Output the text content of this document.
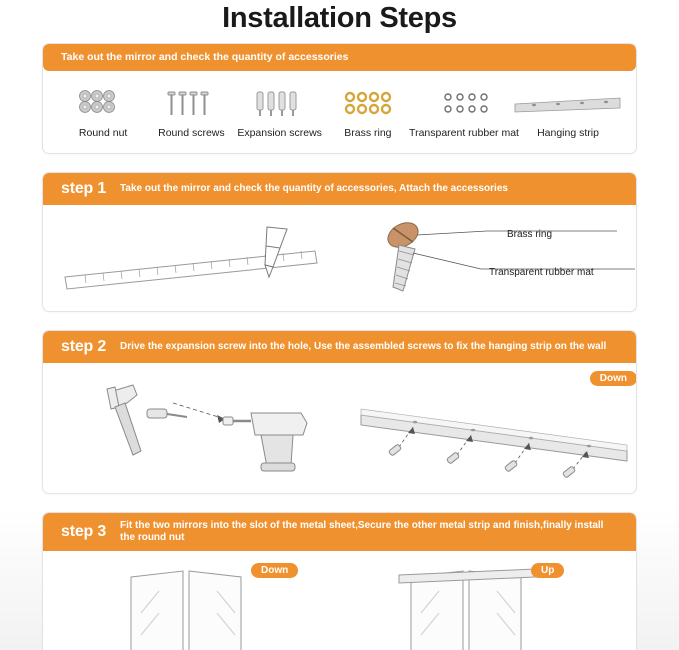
Installation Steps
Take out the mirror and check the quantity of accessories
Round nut	Round screws Expansion screws Brass ring Transparent rubber mat Hanging strip
step 1 Take out the mirror and check the quantity of accessories, Attach the accessories
Brass ring
Transparent rubber mat
step 2 Drive the expansion screw into the hole, Use the assembled screws to fix the hanging strip on the wall
Down
step 3 Fit the two mirrors into the slot of the metal sheet,Secure the other metal strip and finish,finally install the round nut
Down	Up
